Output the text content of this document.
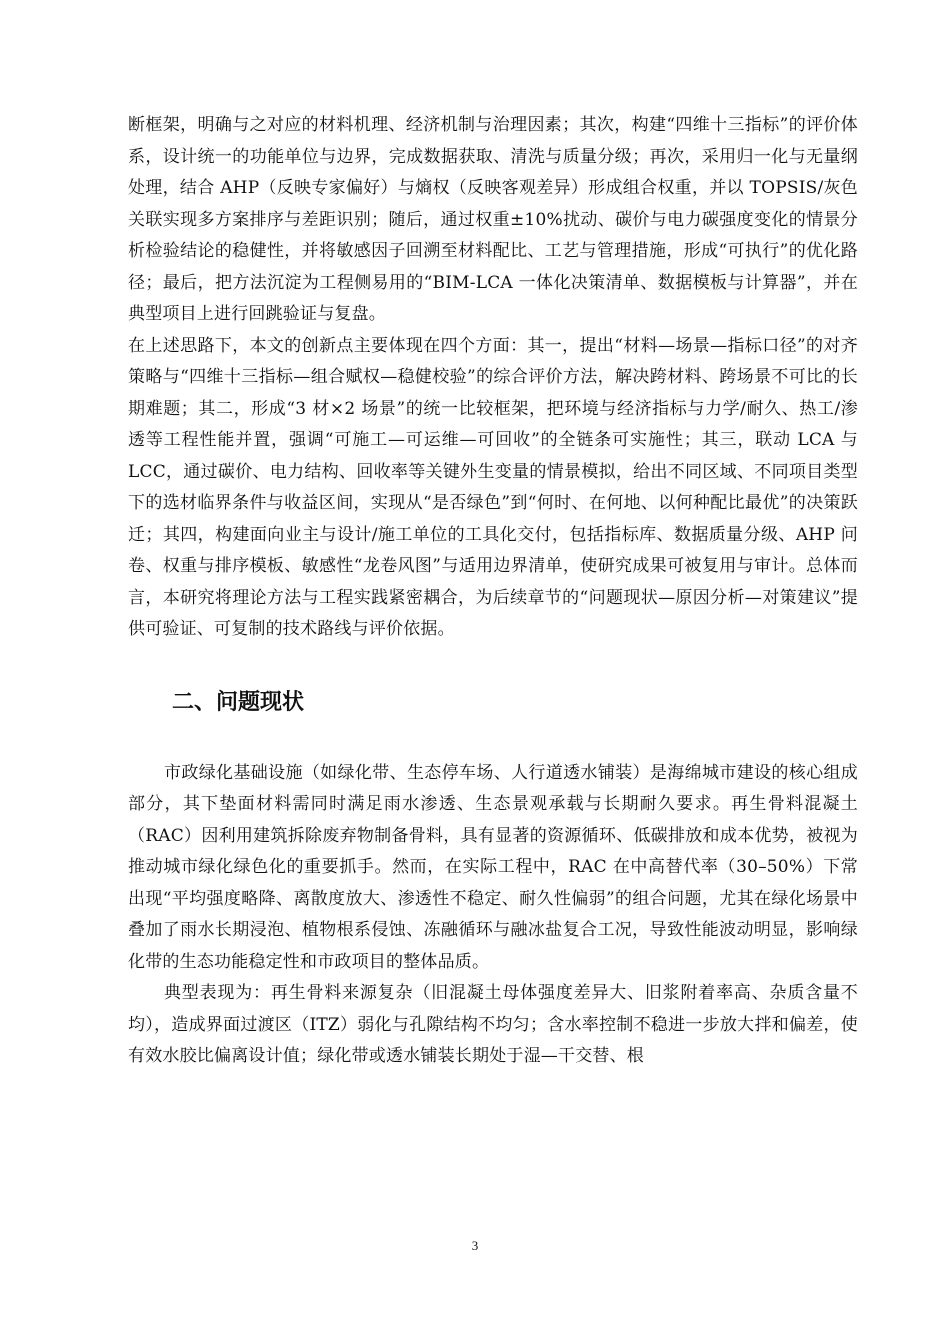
断框架，明确与之对应的材料机理、经济机制与治理因素；其次，构建“四维十三指标”的评价体系，设计统一的功能单位与边界，完成数据获取、清洗与质量分级；再次，采用归一化与无量纲处理，结合 AHP（反映专家偏好）与熵权（反映客观差异）形成组合权重，并以 TOPSIS/灰色关联实现多方案排序与差距识别；随后，通过权重±10%扰动、碳价与电力碳强度变化的情景分析检验结论的稳健性，并将敏感因子回溯至材料配比、工艺与管理措施，形成“可执行”的优化路径；最后，把方法沉淀为工程侧易用的“BIM-LCA 一体化决策清单、数据模板与计算器”，并在典型项目上进行回跳验证与复盘。

在上述思路下，本文的创新点主要体现在四个方面：其一，提出“材料—场景—指标口径”的对齐策略与“四维十三指标—组合赋权—稳健校验”的综合评价方法，解决跨材料、跨场景不可比的长期难题；其二，形成“3 材×2 场景”的统一比较框架，把环境与经济指标与力学/耐久、热工/渗透等工程性能并置，强调“可施工—可运维—可回收”的全链条可实施性；其三，联动 LCA 与 LCC，通过碳价、电力结构、回收率等关键外生变量的情景模拟，给出不同区域、不同项目类型下的选材临界条件与收益区间，实现从“是否绿色”到“何时、在何地、以何种配比最优”的决策跃迁；其四，构建面向业主与设计/施工单位的工具化交付，包括指标库、数据质量分级、AHP 问卷、权重与排序模板、敏感性“龙卷风图”与适用边界清单，使研究成果可被复用与审计。总体而言，本研究将理论方法与工程实践紧密耦合，为后续章节的“问题现状—原因分析—对策建议”提供可验证、可复制的技术路线与评价依据。

二、问题现状

市政绿化基础设施（如绿化带、生态停车场、人行道透水铺装）是海绵城市建设的核心组成部分，其下垫面材料需同时满足雨水渗透、生态景观承载与长期耐久要求。再生骨料混凝土（RAC）因利用建筑拆除废弃物制备骨料，具有显著的资源循环、低碳排放和成本优势，被视为推动城市绿化绿色化的重要抓手。然而，在实际工程中，RAC 在中高替代率（30–50%）下常出现“平均强度略降、离散度放大、渗透性不稳定、耐久性偏弱”的组合问题，尤其在绿化场景中叠加了雨水长期浸泡、植物根系侵蚀、冻融循环与融冰盐复合工况，导致性能波动明显，影响绿化带的生态功能稳定性和市政项目的整体品质。

典型表现为：再生骨料来源复杂（旧混凝土母体强度差异大、旧浆附着率高、杂质含量不均），造成界面过渡区（ITZ）弱化与孔隙结构不均匀；含水率控制不稳进一步放大拌和偏差，使有效水胶比偏离设计值；绿化带或透水铺装长期处于湿—干交替、根

3
